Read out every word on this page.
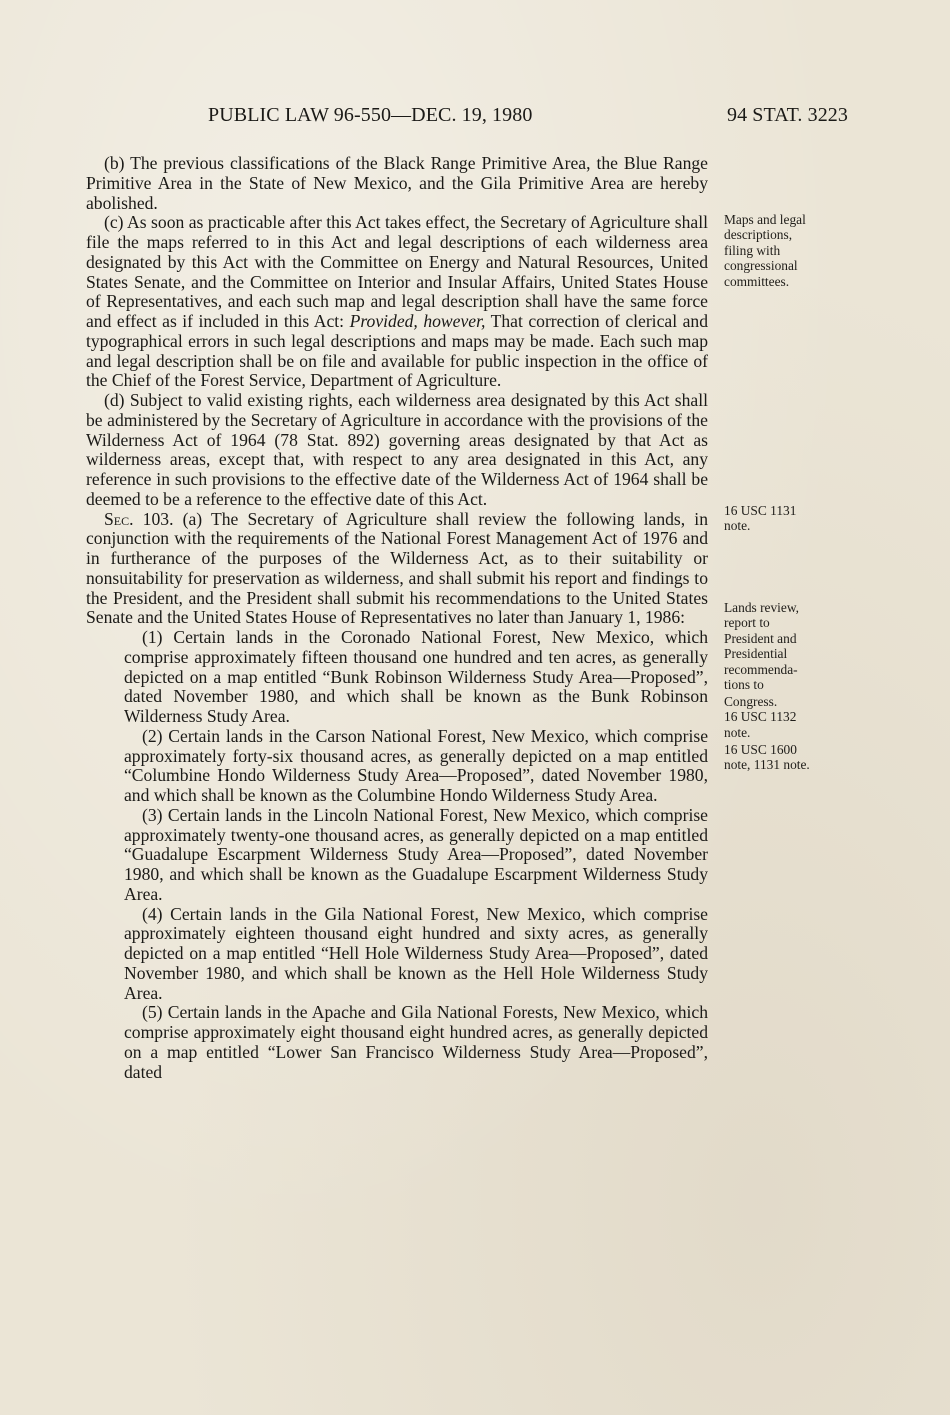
PUBLIC LAW 96-550—DEC. 19, 1980	94 STAT. 3223

(b) The previous classifications of the Black Range Primitive Area, the Blue Range Primitive Area in the State of New Mexico, and the Gila Primitive Area are hereby abolished.

(c) As soon as practicable after this Act takes effect, the Secretary of Agriculture shall file the maps referred to in this Act and legal descriptions of each wilderness area designated by this Act with the Committee on Energy and Natural Resources, United States Senate, and the Committee on Interior and Insular Affairs, United States House of Representatives, and each such map and legal description shall have the same force and effect as if included in this Act: Provided, however, That correction of clerical and typographical errors in such legal descriptions and maps may be made. Each such map and legal description shall be on file and available for public inspection in the office of the Chief of the Forest Service, Department of Agriculture.

(d) Subject to valid existing rights, each wilderness area designated by this Act shall be administered by the Secretary of Agriculture in accordance with the provisions of the Wilderness Act of 1964 (78 Stat. 892) governing areas designated by that Act as wilderness areas, except that, with respect to any area designated in this Act, any reference in such provisions to the effective date of the Wilderness Act of 1964 shall be deemed to be a reference to the effective date of this Act.

Sec. 103. (a) The Secretary of Agriculture shall review the following lands, in conjunction with the requirements of the National Forest Management Act of 1976 and in furtherance of the purposes of the Wilderness Act, as to their suitability or nonsuitability for preservation as wilderness, and shall submit his report and findings to the President, and the President shall submit his recommendations to the United States Senate and the United States House of Representatives no later than January 1, 1986:

(1) Certain lands in the Coronado National Forest, New Mexico, which comprise approximately fifteen thousand one hundred and ten acres, as generally depicted on a map entitled “Bunk Robinson Wilderness Study Area—Proposed”, dated November 1980, and which shall be known as the Bunk Robinson Wilderness Study Area.

(2) Certain lands in the Carson National Forest, New Mexico, which comprise approximately forty-six thousand acres, as generally depicted on a map entitled “Columbine Hondo Wilderness Study Area—Proposed”, dated November 1980, and which shall be known as the Columbine Hondo Wilderness Study Area.

(3) Certain lands in the Lincoln National Forest, New Mexico, which comprise approximately twenty-one thousand acres, as generally depicted on a map entitled “Guadalupe Escarpment Wilderness Study Area—Proposed”, dated November 1980, and which shall be known as the Guadalupe Escarpment Wilderness Study Area.

(4) Certain lands in the Gila National Forest, New Mexico, which comprise approximately eighteen thousand eight hundred and sixty acres, as generally depicted on a map entitled “Hell Hole Wilderness Study Area—Proposed”, dated November 1980, and which shall be known as the Hell Hole Wilderness Study Area.

(5) Certain lands in the Apache and Gila National Forests, New Mexico, which comprise approximately eight thousand eight hundred acres, as generally depicted on a map entitled “Lower San Francisco Wilderness Study Area—Proposed”, dated

Maps and legal
descriptions,
filing with
congressional
committees.
16 USC 1131
note.
Lands review,
report to
President and
Presidential
recommenda-
tions to
Congress.
16 USC 1132
note.
16 USC 1600
note, 1131 note.
